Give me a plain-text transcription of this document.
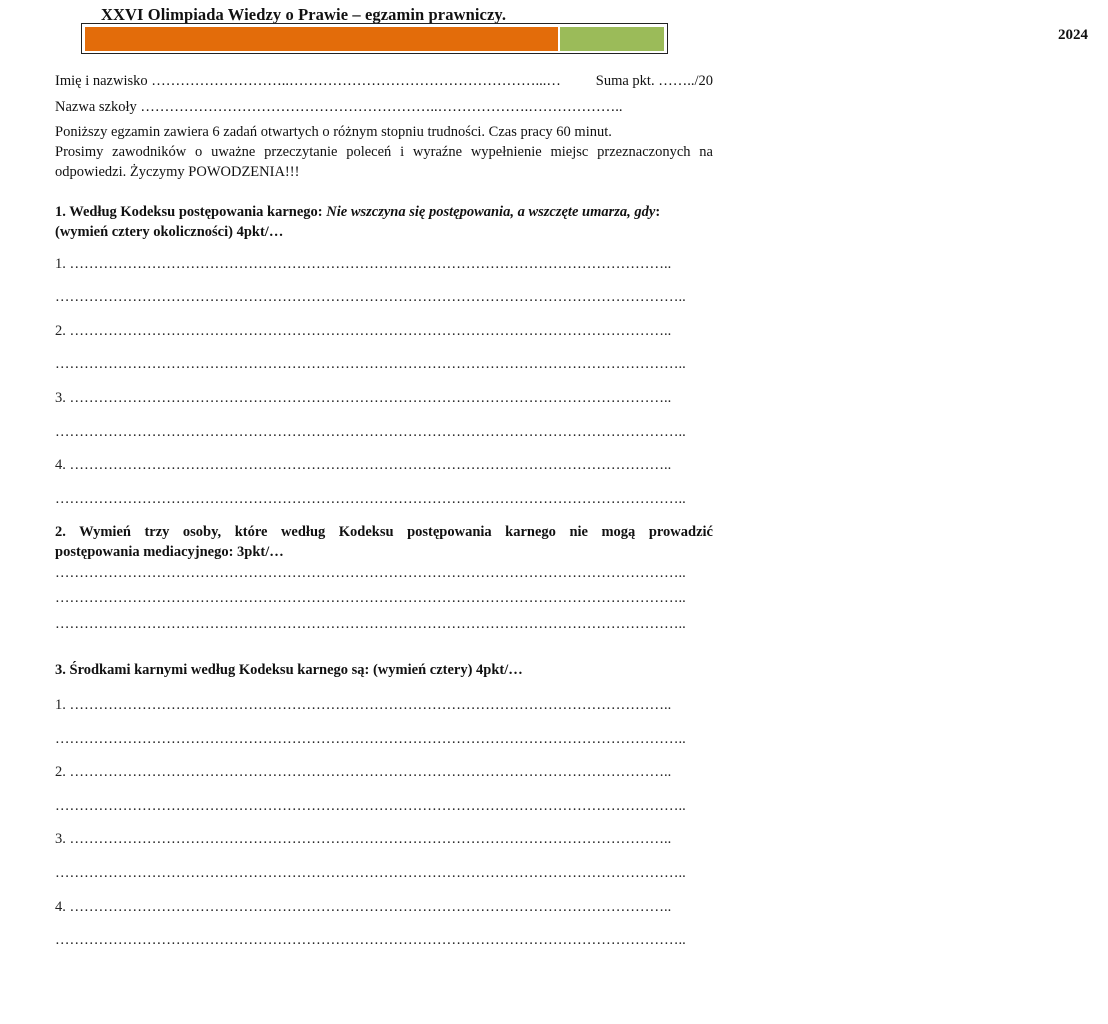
XXVI Olimpiada Wiedzy o Prawie – egzamin prawniczy.
2024
Imię i nazwisko ………………………..……………………………………………...… Suma pkt. ……../20
Nazwa szkoły ……………………………………………………..……………….………………..
Poniższy egzamin zawiera 6 zadań otwartych o różnym stopniu trudności. Czas pracy 60 minut.
Prosimy zawodników o uważne przeczytanie poleceń i wyraźne wypełnienie miejsc przeznaczonych na
odpowiedzi. Życzymy POWODZENIA!!!
1. Według Kodeksu postępowania karnego: Nie wszczyna się postępowania, a wszczęte umarza, gdy:
(wymień cztery okoliczności) 4pkt/…
1. ……………………………………………………………………………………………………………..
…………………………………………………………………………………………………………………..
2. ……………………………………………………………………………………………………………..
…………………………………………………………………………………………………………………..
3. ……………………………………………………………………………………………………………..
…………………………………………………………………………………………………………………..
4. ……………………………………………………………………………………………………………..
…………………………………………………………………………………………………………………..
2. Wymień trzy osoby, które według Kodeksu postępowania karnego nie mogą prowadzić
postępowania mediacyjnego: 3pkt/…
…………………………………………………………………………………………………………………..
…………………………………………………………………………………………………………………..
…………………………………………………………………………………………………………………..
3. Środkami karnymi według Kodeksu karnego są: (wymień cztery) 4pkt/…
1. ……………………………………………………………………………………………………………..
…………………………………………………………………………………………………………………..
2. ……………………………………………………………………………………………………………..
…………………………………………………………………………………………………………………..
3. ……………………………………………………………………………………………………………..
…………………………………………………………………………………………………………………..
4. ……………………………………………………………………………………………………………..
…………………………………………………………………………………………………………………..
